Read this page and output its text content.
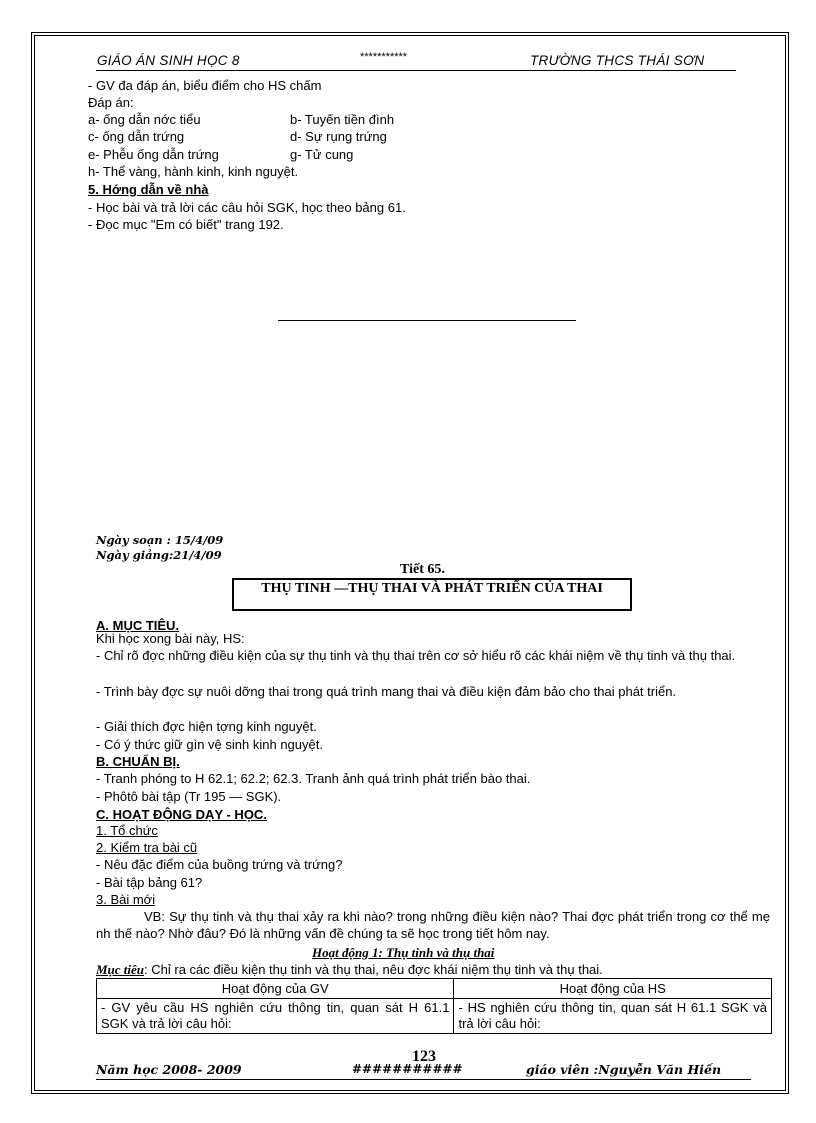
GIÁO ÁN SINH HỌC 8	***********	TRƯỜNG THCS THÁI SƠN
- GV đa đáp án, biểu điểm cho HS chấm
Đáp án:
a- ống dẫn nớc tiểu	b- Tuyến tiền đình
c- ống dẫn trứng	d- Sự rụng trứng
e- Phễu ống dẫn trứng	g- Tử cung
h- Thể vàng, hành kinh, kinh nguyệt.
5. Hớng dẫn về nhà
- Học bài và trả lời các câu hỏi SGK, học theo bảng 61.
- Đọc mục "Em có biết" trang 192.
Ngày soạn : 15/4/09
Ngày giảng:21/4/09
Tiết 65.
THỤ TINH —THỤ THAI VÀ PHÁT TRIỂN CỦA THAI
A. MỤC TIÊU.
Khi học xong bài này, HS:
- Chỉ rõ đợc những điều kiện của sự thụ tinh và thụ thai trên cơ sở hiểu rõ các khái niệm về thụ tinh và thụ thai.
- Trình bày đợc sự nuôi dỡng thai trong quá trình mang thai và điều kiện đảm bảo cho thai phát triển.
- Giải thích đợc hiện tợng kinh nguyệt.
- Có ý thức giữ gìn vệ sinh kinh nguyệt.
B. CHUẨN BỊ.
- Tranh phóng to H 62.1; 62.2; 62.3. Tranh ảnh quá trình phát triển bào thai.
- Phôtô bài tập (Tr 195 — SGK).
C. HOẠT ĐỘNG DẠY - HỌC.
1. Tổ chức
2. Kiểm tra bài cũ
- Nêu đặc điểm của buồng trứng và trứng?
- Bài tập bảng 61?
3. Bài mới
VB: Sự thụ tinh và thụ thai xảy ra khi nào? trong những điều kiện nào? Thai đợc phát triển trong cơ thể mẹ nh thế nào? Nhờ đâu? Đó là những vấn đề chúng ta sẽ học trong tiết hôm nay.
Hoạt động 1: Thụ tinh và thụ thai
Mục tiêu: Chỉ ra các điều kiện thụ tinh và thụ thai, nêu đợc khái niệm thụ tinh và thụ thai.
Hoạt động của GV	Hoạt động của HS
- GV yêu cầu HS nghiên cứu thông tin, quan sát H 61.1 SGK và trả lời câu hỏi:	- HS nghiên cứu thông tin, quan sát H 61.1 SGK và trả lời câu hỏi:
123
Năm học 2008- 2009	###########	giáo viên :Nguyễn Văn Hiến
